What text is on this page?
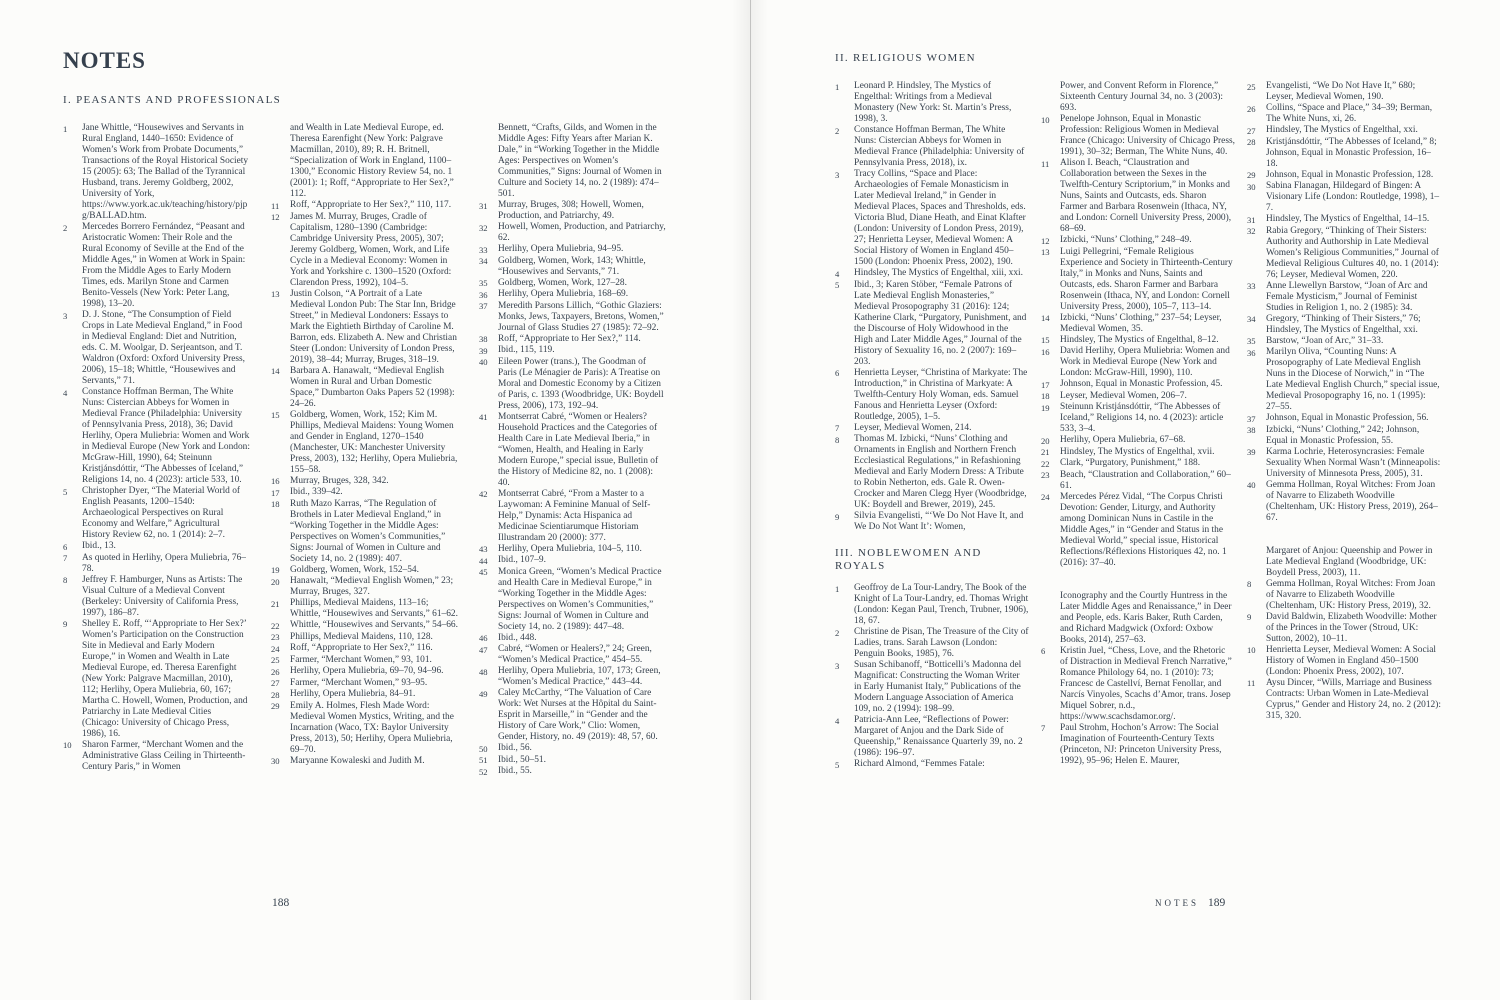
NOTES
I. PEASANTS AND PROFESSIONALS
1	Jane Whittle, “Housewives and Servants in Rural England, 1440–1650: Evidence of Women’s Work from Probate Documents,” Transactions of the Royal Historical Society 15 (2005): 63; The Ballad of the Tyrannical Husband, trans. Jeremy Goldberg, 2002, University of York, https://www.york.ac.uk/teaching/history/pjpg/BALLAD.htm.
2	Mercedes Borrero Fernández, “Peasant and Aristocratic Women: Their Role and the Rural Economy of Seville at the End of the Middle Ages,” in Women at Work in Spain: From the Middle Ages to Early Modern Times, eds. Marilyn Stone and Carmen Benito-Vessels (New York: Peter Lang, 1998), 13–20.
3	D. J. Stone, “The Consumption of Field Crops in Late Medieval England,” in Food in Medieval England: Diet and Nutrition, eds. C. M. Woolgar, D. Serjeantson, and T. Waldron (Oxford: Oxford University Press, 2006), 15–18; Whittle, “Housewives and Servants,” 71.
4	Constance Hoffman Berman, The White Nuns: Cistercian Abbeys for Women in Medieval France (Philadelphia: University of Pennsylvania Press, 2018), 36; David Herlihy, Opera Muliebria: Women and Work in Medieval Europe (New York and London: McGraw-Hill, 1990), 64; Steinunn Kristjánsdóttir, “The Abbesses of Iceland,” Religions 14, no. 4 (2023): article 533, 10.
5	Christopher Dyer, “The Material World of English Peasants, 1200–1540: Archaeological Perspectives on Rural Economy and Welfare,” Agricultural History Review 62, no. 1 (2014): 2–7.
6	Ibid., 13.
7	As quoted in Herlihy, Opera Muliebria, 76–78.
8	Jeffrey F. Hamburger, Nuns as Artists: The Visual Culture of a Medieval Convent (Berkeley: University of California Press, 1997), 186–87.
9	Shelley E. Roff, “‘Appropriate to Her Sex?’ Women’s Participation on the Construction Site in Medieval and Early Modern Europe,” in Women and Wealth in Late Medieval Europe, ed. Theresa Earenfight (New York: Palgrave Macmillan, 2010), 112; Herlihy, Opera Muliebria, 60, 167; Martha C. Howell, Women, Production, and Patriarchy in Late Medieval Cities (Chicago: University of Chicago Press, 1986), 16.
10	Sharon Farmer, “Merchant Women and the Administrative Glass Ceiling in Thirteenth-Century Paris,” in Women
and Wealth in Late Medieval Europe, ed. Theresa Earenfight (New York: Palgrave Macmillan, 2010), 89; R. H. Britnell, “Specialization of Work in England, 1100–1300,” Economic History Review 54, no. 1 (2001): 1; Roff, “Appropriate to Her Sex?,” 112.
11	Roff, “Appropriate to Her Sex?,” 110, 117.
12	James M. Murray, Bruges, Cradle of Capitalism, 1280–1390 (Cambridge: Cambridge University Press, 2005), 307; Jeremy Goldberg, Women, Work, and Life Cycle in a Medieval Economy: Women in York and Yorkshire c. 1300–1520 (Oxford: Clarendon Press, 1992), 104–5.
13	Justin Colson, “A Portrait of a Late Medieval London Pub: The Star Inn, Bridge Street,” in Medieval Londoners: Essays to Mark the Eightieth Birthday of Caroline M. Barron, eds. Elizabeth A. New and Christian Steer (London: University of London Press, 2019), 38–44; Murray, Bruges, 318–19.
14	Barbara A. Hanawalt, “Medieval English Women in Rural and Urban Domestic Space,” Dumbarton Oaks Papers 52 (1998): 24–26.
15	Goldberg, Women, Work, 152; Kim M. Phillips, Medieval Maidens: Young Women and Gender in England, 1270–1540 (Manchester, UK: Manchester University Press, 2003), 132; Herlihy, Opera Muliebria, 155–58.
16	Murray, Bruges, 328, 342.
17	Ibid., 339–42.
18	Ruth Mazo Karras, “The Regulation of Brothels in Later Medieval England,” in “Working Together in the Middle Ages: Perspectives on Women’s Communities,” Signs: Journal of Women in Culture and Society 14, no. 2 (1989): 407.
19	Goldberg, Women, Work, 152–54.
20	Hanawalt, “Medieval English Women,” 23; Murray, Bruges, 327.
21	Phillips, Medieval Maidens, 113–16; Whittle, “Housewives and Servants,” 61–62.
22	Whittle, “Housewives and Servants,” 54–66.
23	Phillips, Medieval Maidens, 110, 128.
24	Roff, “Appropriate to Her Sex?,” 116.
25	Farmer, “Merchant Women,” 93, 101.
26	Herlihy, Opera Muliebria, 69–70, 94–96.
27	Farmer, “Merchant Women,” 93–95.
28	Herlihy, Opera Muliebria, 84–91.
29	Emily A. Holmes, Flesh Made Word: Medieval Women Mystics, Writing, and the Incarnation (Waco, TX: Baylor University Press, 2013), 50; Herlihy, Opera Muliebria, 69–70.
30	Maryanne Kowaleski and Judith M.
Bennett, “Crafts, Gilds, and Women in the Middle Ages: Fifty Years after Marian K. Dale,” in “Working Together in the Middle Ages: Perspectives on Women’s Communities,” Signs: Journal of Women in Culture and Society 14, no. 2 (1989): 474–501.
31	Murray, Bruges, 308; Howell, Women, Production, and Patriarchy, 49.
32	Howell, Women, Production, and Patriarchy, 62.
33	Herlihy, Opera Muliebria, 94–95.
34	Goldberg, Women, Work, 143; Whittle, “Housewives and Servants,” 71.
35	Goldberg, Women, Work, 127–28.
36	Herlihy, Opera Muliebria, 168–69.
37	Meredith Parsons Lillich, “Gothic Glaziers: Monks, Jews, Taxpayers, Bretons, Women,” Journal of Glass Studies 27 (1985): 72–92.
38	Roff, “Appropriate to Her Sex?,” 114.
39	Ibid., 115, 119.
40	Eileen Power (trans.), The Goodman of Paris (Le Ménagier de Paris): A Treatise on Moral and Domestic Economy by a Citizen of Paris, c. 1393 (Woodbridge, UK: Boydell Press, 2006), 173, 192–94.
41	Montserrat Cabré, “Women or Healers? Household Practices and the Categories of Health Care in Late Medieval Iberia,” in “Women, Health, and Healing in Early Modern Europe,” special issue, Bulletin of the History of Medicine 82, no. 1 (2008): 40.
42	Montserrat Cabré, “From a Master to a Laywoman: A Feminine Manual of Self-Help,” Dynamis: Acta Hispanica ad Medicinae Scientiarumque Historiam Illustrandam 20 (2000): 377.
43	Herlihy, Opera Muliebria, 104–5, 110.
44	Ibid., 107–9.
45	Monica Green, “Women’s Medical Practice and Health Care in Medieval Europe,” in “Working Together in the Middle Ages: Perspectives on Women’s Communities,” Signs: Journal of Women in Culture and Society 14, no. 2 (1989): 447–48.
46	Ibid., 448.
47	Cabré, “Women or Healers?,” 24; Green, “Women’s Medical Practice,” 454–55.
48	Herlihy, Opera Muliebria, 107, 173; Green, “Women’s Medical Practice,” 443–44.
49	Caley McCarthy, “The Valuation of Care Work: Wet Nurses at the Hôpital du Saint-Esprit in Marseille,” in “Gender and the History of Care Work,” Clio: Women, Gender, History, no. 49 (2019): 48, 57, 60.
50	Ibid., 56.
51	Ibid., 50–51.
52	Ibid., 55.
188
II. RELIGIOUS WOMEN
1	Leonard P. Hindsley, The Mystics of Engelthal: Writings from a Medieval Monastery (New York: St. Martin’s Press, 1998), 3.
2	Constance Hoffman Berman, The White Nuns: Cistercian Abbeys for Women in Medieval France (Philadelphia: University of Pennsylvania Press, 2018), ix.
3	Tracy Collins, “Space and Place: Archaeologies of Female Monasticism in Later Medieval Ireland,” in Gender in Medieval Places, Spaces and Thresholds, eds. Victoria Blud, Diane Heath, and Einat Klafter (London: University of London Press, 2019), 27; Henrietta Leyser, Medieval Women: A Social History of Women in England 450–1500 (London: Phoenix Press, 2002), 190.
4	Hindsley, The Mystics of Engelthal, xiii, xxi.
5	Ibid., 3; Karen Stöber, “Female Patrons of Late Medieval English Monasteries,” Medieval Prosopography 31 (2016): 124; Katherine Clark, “Purgatory, Punishment, and the Discourse of Holy Widowhood in the High and Later Middle Ages,” Journal of the History of Sexuality 16, no. 2 (2007): 169–203.
6	Henrietta Leyser, “Christina of Markyate: The Introduction,” in Christina of Markyate: A Twelfth-Century Holy Woman, eds. Samuel Fanous and Henrietta Leyser (Oxford: Routledge, 2005), 1–5.
7	Leyser, Medieval Women, 214.
8	Thomas M. Izbicki, “Nuns’ Clothing and Ornaments in English and Northern French Ecclesiastical Regulations,” in Refashioning Medieval and Early Modern Dress: A Tribute to Robin Netherton, eds. Gale R. Owen-Crocker and Maren Clegg Hyer (Woodbridge, UK: Boydell and Brewer, 2019), 245.
9	Silvia Evangelisti, “‘We Do Not Have It, and We Do Not Want It’: Women,
III. NOBLEWOMEN AND ROYALS
1	Geoffroy de La Tour-Landry, The Book of the Knight of La Tour-Landry, ed. Thomas Wright (London: Kegan Paul, Trench, Trubner, 1906), 18, 67.
2	Christine de Pisan, The Treasure of the City of Ladies, trans. Sarah Lawson (London: Penguin Books, 1985), 76.
3	Susan Schibanoff, “Botticelli’s Madonna del Magnificat: Constructing the Woman Writer in Early Humanist Italy,” Publications of the Modern Language Association of America 109, no. 2 (1994): 198–99.
4	Patricia-Ann Lee, “Reflections of Power: Margaret of Anjou and the Dark Side of Queenship,” Renaissance Quarterly 39, no. 2 (1986): 196–97.
5	Richard Almond, “Femmes Fatale:
Power, and Convent Reform in Florence,” Sixteenth Century Journal 34, no. 3 (2003): 693.
10	Penelope Johnson, Equal in Monastic Profession: Religious Women in Medieval France (Chicago: University of Chicago Press, 1991), 30–32; Berman, The White Nuns, 40.
11	Alison I. Beach, “Claustration and Collaboration between the Sexes in the Twelfth-Century Scriptorium,” in Monks and Nuns, Saints and Outcasts, eds. Sharon Farmer and Barbara Rosenwein (Ithaca, NY, and London: Cornell University Press, 2000), 68–69.
12	Izbicki, “Nuns’ Clothing,” 248–49.
13	Luigi Pellegrini, “Female Religious Experience and Society in Thirteenth-Century Italy,” in Monks and Nuns, Saints and Outcasts, eds. Sharon Farmer and Barbara Rosenwein (Ithaca, NY, and London: Cornell University Press, 2000), 105–7, 113–14.
14	Izbicki, “Nuns’ Clothing,” 237–54; Leyser, Medieval Women, 35.
15	Hindsley, The Mystics of Engelthal, 8–12.
16	David Herlihy, Opera Muliebria: Women and Work in Medieval Europe (New York and London: McGraw-Hill, 1990), 110.
17	Johnson, Equal in Monastic Profession, 45.
18	Leyser, Medieval Women, 206–7.
19	Steinunn Kristjánsdóttir, “The Abbesses of Iceland,” Religions 14, no. 4 (2023): article 533, 3–4.
20	Herlihy, Opera Muliebria, 67–68.
21	Hindsley, The Mystics of Engelthal, xvii.
22	Clark, “Purgatory, Punishment,” 188.
23	Beach, “Claustration and Collaboration,” 60–61.
24	Mercedes Pérez Vidal, “The Corpus Christi Devotion: Gender, Liturgy, and Authority among Dominican Nuns in Castile in the Middle Ages,” in “Gender and Status in the Medieval World,” special issue, Historical Reflections/Réflexions Historiques 42, no. 1 (2016): 37–40.
Iconography and the Courtly Huntress in the Later Middle Ages and Renaissance,” in Deer and People, eds. Karis Baker, Ruth Carden, and Richard Madgwick (Oxford: Oxbow Books, 2014), 257–63.
6	Kristin Juel, “Chess, Love, and the Rhetoric of Distraction in Medieval French Narrative,” Romance Philology 64, no. 1 (2010): 73; Francesc de Castellví, Bernat Fenollar, and Narcís Vinyoles, Scachs d’Amor, trans. Josep Miquel Sobrer, n.d., https://www.scachsdamor.org/.
7	Paul Strohm, Hochon’s Arrow: The Social Imagination of Fourteenth-Century Texts (Princeton, NJ: Princeton University Press, 1992), 95–96; Helen E. Maurer,
25	Evangelisti, “We Do Not Have It,” 680; Leyser, Medieval Women, 190.
26	Collins, “Space and Place,” 34–39; Berman, The White Nuns, xi, 26.
27	Hindsley, The Mystics of Engelthal, xxi.
28	Kristjánsdóttir, “The Abbesses of Iceland,” 8; Johnson, Equal in Monastic Profession, 16–18.
29	Johnson, Equal in Monastic Profession, 128.
30	Sabina Flanagan, Hildegard of Bingen: A Visionary Life (London: Routledge, 1998), 1–7.
31	Hindsley, The Mystics of Engelthal, 14–15.
32	Rabia Gregory, “Thinking of Their Sisters: Authority and Authorship in Late Medieval Women’s Religious Communities,” Journal of Medieval Religious Cultures 40, no. 1 (2014): 76; Leyser, Medieval Women, 220.
33	Anne Llewellyn Barstow, “Joan of Arc and Female Mysticism,” Journal of Feminist Studies in Religion 1, no. 2 (1985): 34.
34	Gregory, “Thinking of Their Sisters,” 76; Hindsley, The Mystics of Engelthal, xxi.
35	Barstow, “Joan of Arc,” 31–33.
36	Marilyn Oliva, “Counting Nuns: A Prosopography of Late Medieval English Nuns in the Diocese of Norwich,” in “The Late Medieval English Church,” special issue, Medieval Prosopography 16, no. 1 (1995): 27–55.
37	Johnson, Equal in Monastic Profession, 56.
38	Izbicki, “Nuns’ Clothing,” 242; Johnson, Equal in Monastic Profession, 55.
39	Karma Lochrie, Heterosyncrasies: Female Sexuality When Normal Wasn’t (Minneapolis: University of Minnesota Press, 2005), 31.
40	Gemma Hollman, Royal Witches: From Joan of Navarre to Elizabeth Woodville (Cheltenham, UK: History Press, 2019), 264–67.
Margaret of Anjou: Queenship and Power in Late Medieval England (Woodbridge, UK: Boydell Press, 2003), 11.
8	Gemma Hollman, Royal Witches: From Joan of Navarre to Elizabeth Woodville (Cheltenham, UK: History Press, 2019), 32.
9	David Baldwin, Elizabeth Woodville: Mother of the Princes in the Tower (Stroud, UK: Sutton, 2002), 10–11.
10	Henrietta Leyser, Medieval Women: A Social History of Women in England 450–1500 (London: Phoenix Press, 2002), 107.
11	Aysu Dincer, “Wills, Marriage and Business Contracts: Urban Women in Late-Medieval Cyprus,” Gender and History 24, no. 2 (2012): 315, 320.
NOTES 189
